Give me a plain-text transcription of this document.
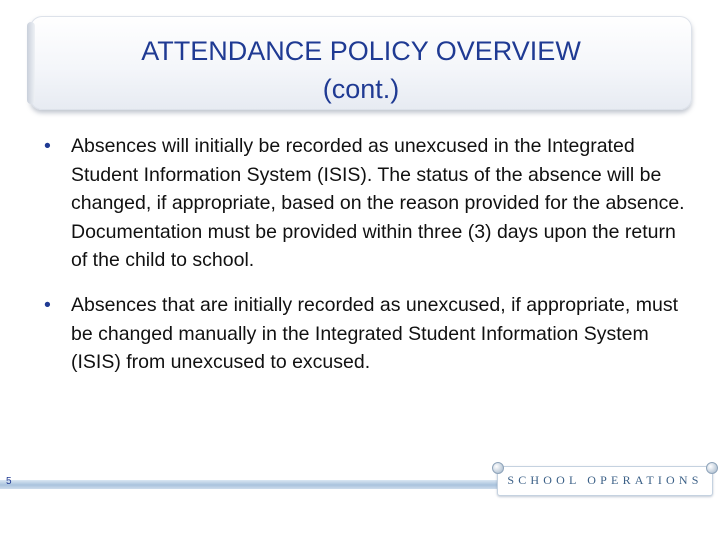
ATTENDANCE POLICY OVERVIEW
(cont.)
•	Absences will initially be recorded as unexcused in the Integrated Student Information System (ISIS). The status of the absence will be changed, if appropriate, based on the reason provided for the absence. Documentation must be provided within three (3) days upon the return of the child to school.
•	Absences that are initially recorded as unexcused, if appropriate, must be changed manually in the Integrated Student Information System (ISIS) from unexcused to excused.
5	SCHOOL OPERATIONS
